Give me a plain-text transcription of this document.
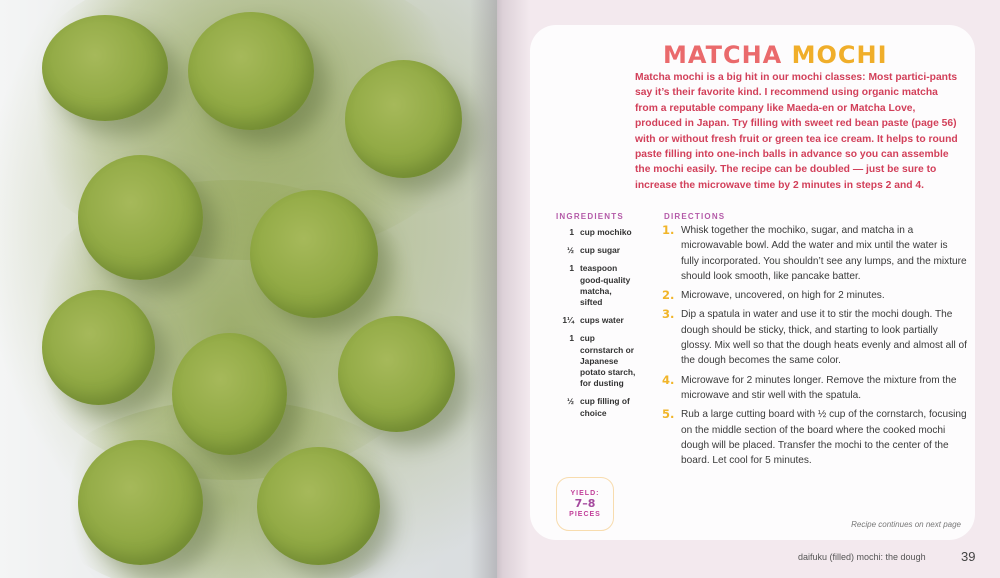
MATCHA MOCHI
Matcha mochi is a big hit in our mochi classes: Most partici-pants say it’s their favorite kind. I recommend using organic matcha from a reputable company like Maeda-en or Matcha Love, produced in Japan. Try filling with sweet red bean paste (page 56) with or without fresh fruit or green tea ice cream. It helps to round paste filling into one-inch balls in advance so you can assemble the mochi easily. The recipe can be doubled — just be sure to increase the microwave time by 2 minutes in steps 2 and 4.
INGREDIENTS
1 cup mochiko
½ cup sugar
1 teaspoon good-quality matcha, sifted
1¼ cups water
1 cup cornstarch or Japanese potato starch, for dusting
½ cup filling of choice
DIRECTIONS
1. Whisk together the mochiko, sugar, and matcha in a microwavable bowl. Add the water and mix until the water is fully incorporated. You shouldn’t see any lumps, and the mixture should look smooth, like pancake batter.
2. Microwave, uncovered, on high for 2 minutes.
3. Dip a spatula in water and use it to stir the mochi dough. The dough should be sticky, thick, and starting to look partially glossy. Mix well so that the dough heats evenly and almost all of the dough becomes the same color.
4. Microwave for 2 minutes longer. Remove the mixture from the microwave and stir well with the spatula.
5. Rub a large cutting board with ½ cup of the cornstarch, focusing on the middle section of the board where the cooked mochi dough will be placed. Transfer the mochi to the center of the board. Let cool for 5 minutes.
YIELD:
7–8
PIECES
Recipe continues on next page
daifuku (filled) mochi: the dough	39
